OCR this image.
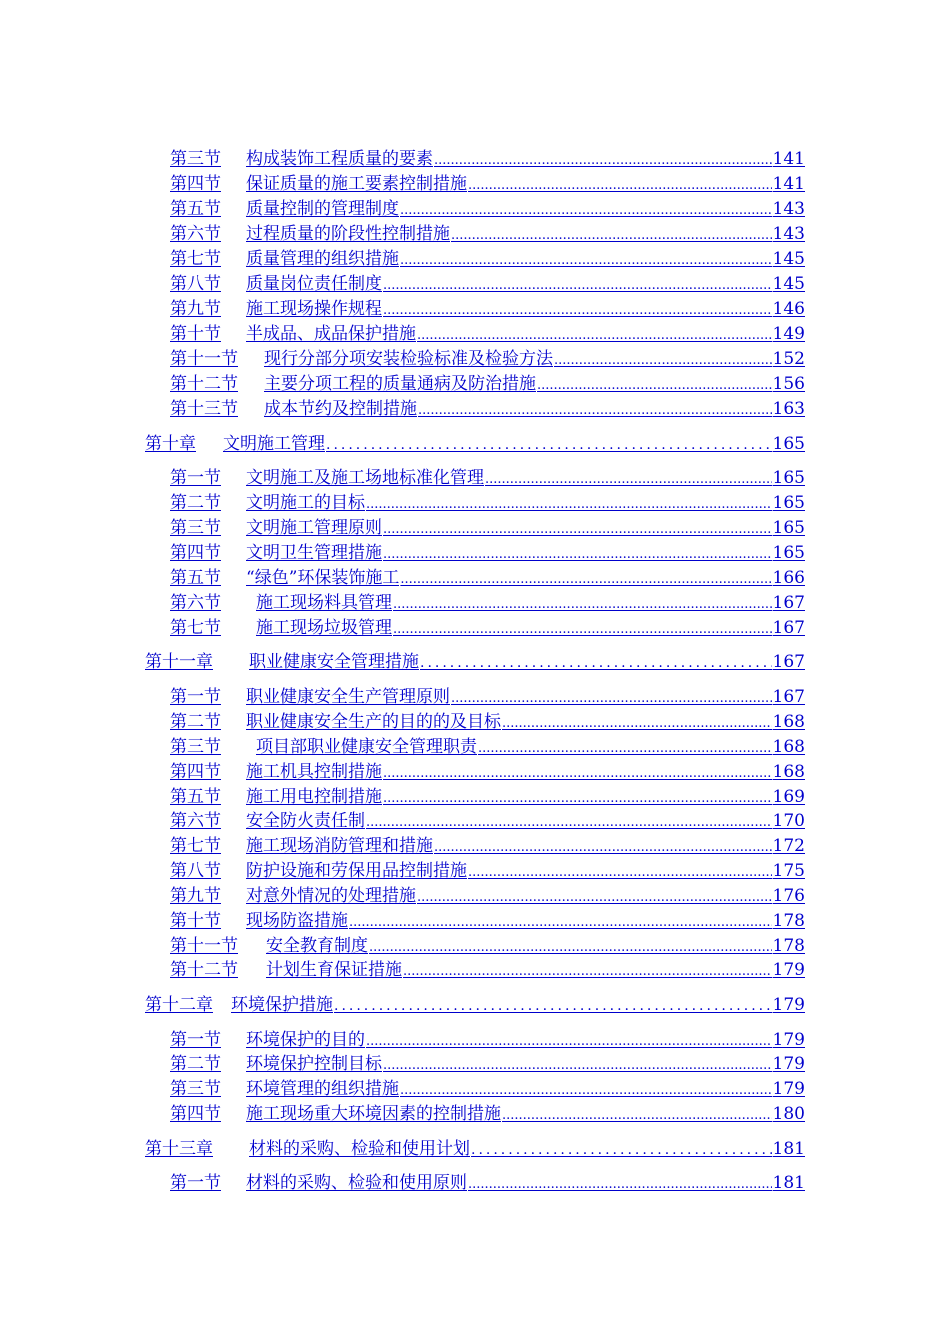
第三节	构成装饰工程质量的要素 .....	141
第四节	保证质量的施工要素控制措施 .....	141
第五节	质量控制的管理制度 .....	143
第六节	过程质量的阶段性控制措施 .....	143
第七节	质量管理的组织措施 .....	145
第八节	质量岗位责任制度 .....	145
第九节	施工现场操作规程 .....	146
第十节	半成品、成品保护措施 .....	149
第十一节	现行分部分项安装检验标准及检验方法 .....	152
第十二节	主要分项工程的质量通病及防治措施 .....	156
第十三节	成本节约及控制措施 .....	163
第十章	文明施工管理 .....	165
第一节	文明施工及施工场地标准化管理 .....	165
第二节	文明施工的目标 .....	165
第三节	文明施工管理原则 .....	165
第四节	文明卫生管理措施 .....	165
第五节	“绿色”环保装饰施工 .....	166
第六节	施工现场料具管理 .....	167
第七节	施工现场垃圾管理 .....	167
第十一章	职业健康安全管理措施 .....	167
第一节	职业健康安全生产管理原则 .....	167
第二节	职业健康安全生产的目的的及目标 .....	168
第三节	项目部职业健康安全管理职责 .....	168
第四节	施工机具控制措施 .....	168
第五节	施工用电控制措施 .....	169
第六节	安全防火责任制 .....	170
第七节	施工现场消防管理和措施 .....	172
第八节	防护设施和劳保用品控制措施 .....	175
第九节	对意外情况的处理措施 .....	176
第十节	现场防盗措施 .....	178
第十一节	安全教育制度 .....	178
第十二节	计划生育保证措施 .....	179
第十二章	环境保护措施 .....	179
第一节	环境保护的目的 .....	179
第二节	环境保护控制目标 .....	179
第三节	环境管理的组织措施 .....	179
第四节	施工现场重大环境因素的控制措施 .....	180
第十三章	材料的采购、检验和使用计划 .....	181
第一节	材料的采购、检验和使用原则 .....	181
